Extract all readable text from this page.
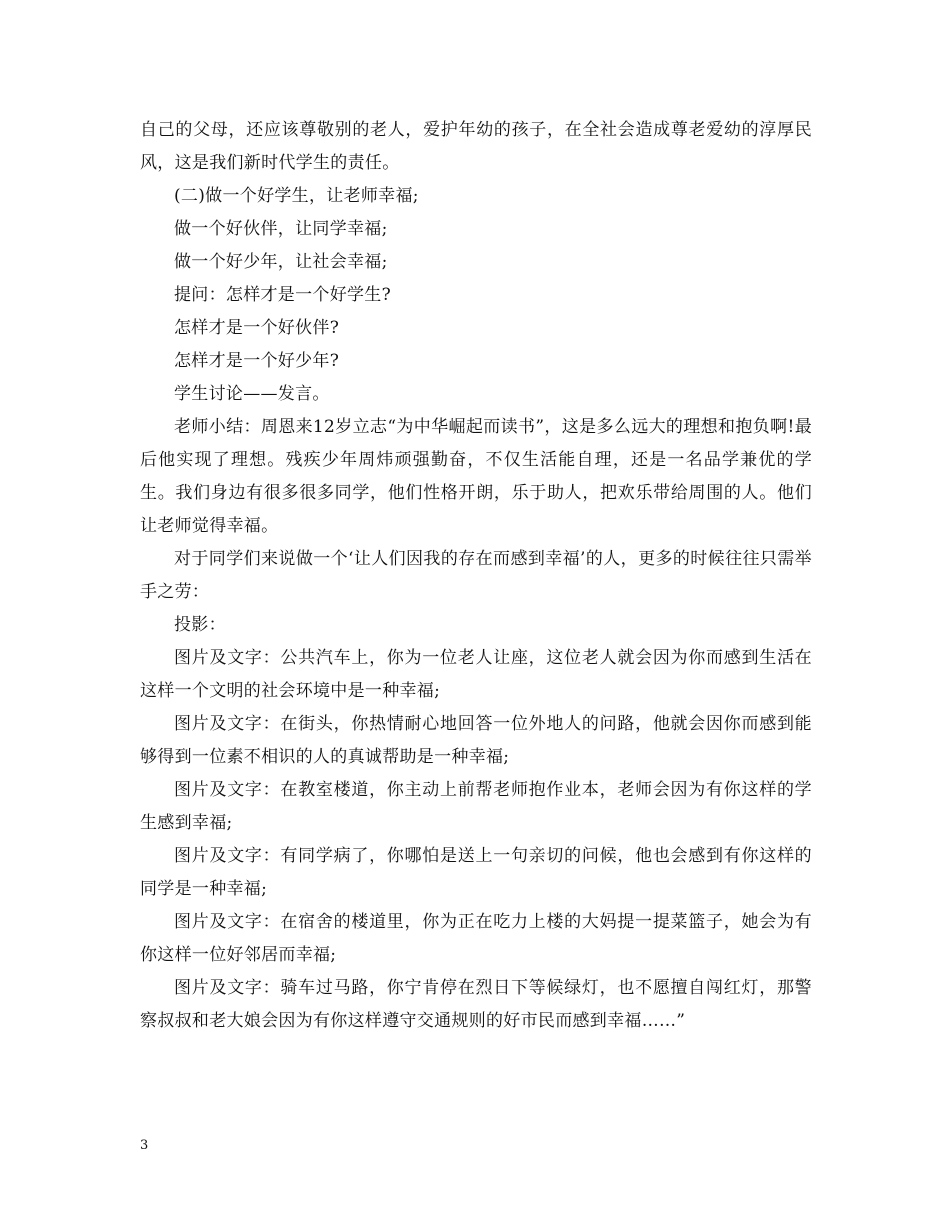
自己的父母，还应该尊敬别的老人，爱护年幼的孩子，在全社会造成尊老爱幼的淳厚民风，这是我们新时代学生的责任。

(二)做一个好学生，让老师幸福;

做一个好伙伴，让同学幸福;

做一个好少年，让社会幸福;

提问：怎样才是一个好学生?

怎样才是一个好伙伴?

怎样才是一个好少年?

学生讨论——发言。

老师小结：周恩来12岁立志“为中华崛起而读书”，这是多么远大的理想和抱负啊!最后他实现了理想。残疾少年周炜顽强勤奋，不仅生活能自理，还是一名品学兼优的学生。我们身边有很多很多同学，他们性格开朗，乐于助人，把欢乐带给周围的人。他们让老师觉得幸福。

对于同学们来说做一个‘让人们因我的存在而感到幸福’的人，更多的时候往往只需举手之劳：

投影：

图片及文字：公共汽车上，你为一位老人让座，这位老人就会因为你而感到生活在这样一个文明的社会环境中是一种幸福;

图片及文字：在街头，你热情耐心地回答一位外地人的问路，他就会因你而感到能够得到一位素不相识的人的真诚帮助是一种幸福;

图片及文字：在教室楼道，你主动上前帮老师抱作业本，老师会因为有你这样的学生感到幸福;

图片及文字：有同学病了，你哪怕是送上一句亲切的问候，他也会感到有你这样的同学是一种幸福;

图片及文字：在宿舍的楼道里，你为正在吃力上楼的大妈提一提菜篮子，她会为有你这样一位好邻居而幸福;

图片及文字：骑车过马路，你宁肯停在烈日下等候绿灯，也不愿擅自闯红灯，那警察叔叔和老大娘会因为有你这样遵守交通规则的好市民而感到幸福……”

3
